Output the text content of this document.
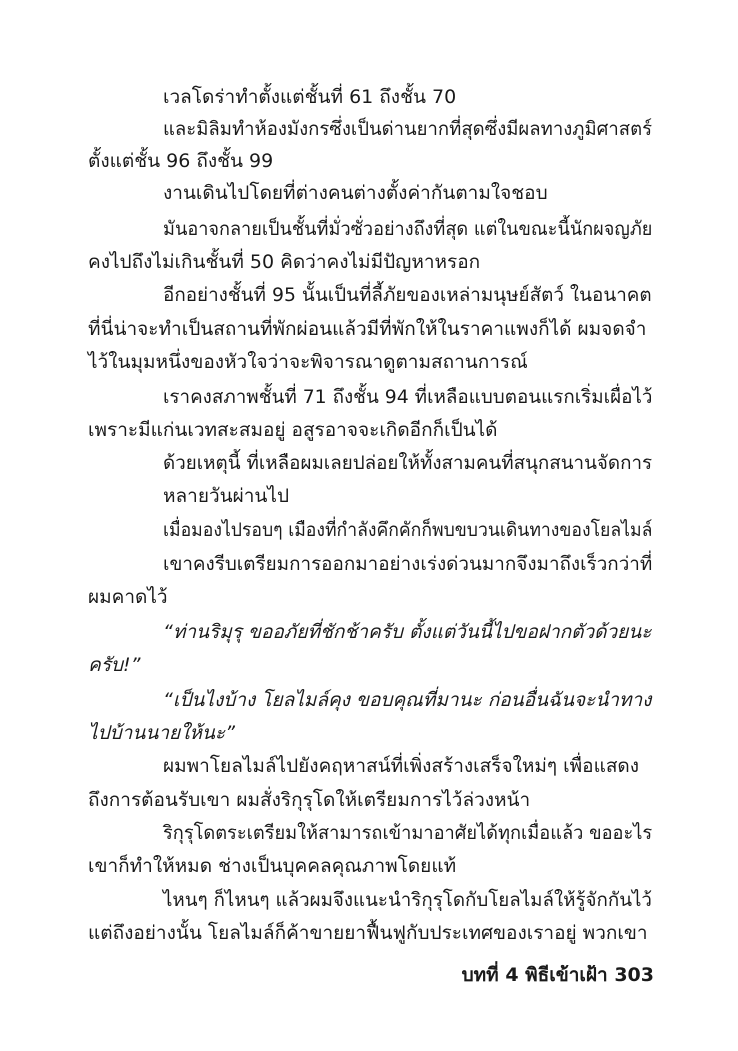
เวลโดร่าทำตั้งแต่ชั้นที่ 61 ถึงชั้น 70
และมิลิมทำห้องมังกรซึ่งเป็นด่านยากที่สุดซึ่งมีผลทางภูมิศาสตร์
ตั้งแต่ชั้น 96 ถึงชั้น 99
งานเดินไปโดยที่ต่างคนต่างตั้งค่ากันตามใจชอบ
มันอาจกลายเป็นชั้นที่มั่วซั่วอย่างถึงที่สุด แต่ในขณะนี้นักผจญภัย
คงไปถึงไม่เกินชั้นที่ 50 คิดว่าคงไม่มีปัญหาหรอก
อีกอย่างชั้นที่ 95 นั้นเป็นที่ลี้ภัยของเหล่ามนุษย์สัตว์ ในอนาคต
ที่นี่น่าจะทำเป็นสถานที่พักผ่อนแล้วมีที่พักให้ในราคาแพงก็ได้ ผมจดจำ
ไว้ในมุมหนึ่งของหัวใจว่าจะพิจารณาดูตามสถานการณ์
เราคงสภาพชั้นที่ 71 ถึงชั้น 94 ที่เหลือแบบตอนแรกเริ่มเผื่อไว้
เพราะมีแก่นเวทสะสมอยู่ อสูรอาจจะเกิดอีกก็เป็นได้
ด้วยเหตุนี้ ที่เหลือผมเลยปล่อยให้ทั้งสามคนที่สนุกสนานจัดการ
หลายวันผ่านไป
เมื่อมองไปรอบๆ เมืองที่กำลังคึกคักก็พบขบวนเดินทางของโยลไมล์
เขาคงรีบเตรียมการออกมาอย่างเร่งด่วนมากจึงมาถึงเร็วกว่าที่
ผมคาดไว้
“ท่านริมุรุ ขออภัยที่ชักช้าครับ ตั้งแต่วันนี้ไปขอฝากตัวด้วยนะ
ครับ!”
“เป็นไงบ้าง โยลไมล์คุง ขอบคุณที่มานะ ก่อนอื่นฉันจะนำทาง
ไปบ้านนายให้นะ”
ผมพาโยลไมล์ไปยังคฤหาสน์ที่เพิ่งสร้างเสร็จใหม่ๆ เพื่อแสดง
ถึงการต้อนรับเขา ผมสั่งริกุรุโดให้เตรียมการไว้ล่วงหน้า
ริกุรุโดตระเตรียมให้สามารถเข้ามาอาศัยได้ทุกเมื่อแล้ว ขออะไร
เขาก็ทำให้หมด ช่างเป็นบุคคลคุณภาพโดยแท้
ไหนๆ ก็ไหนๆ แล้วผมจึงแนะนำริกุรุโดกับโยลไมล์ให้รู้จักกันไว้
แต่ถึงอย่างนั้น โยลไมล์ก็ค้าขายยาฟื้นฟูกับประเทศของเราอยู่ พวกเขา
บทที่ 4 พิธีเข้าเฝ้า 303
